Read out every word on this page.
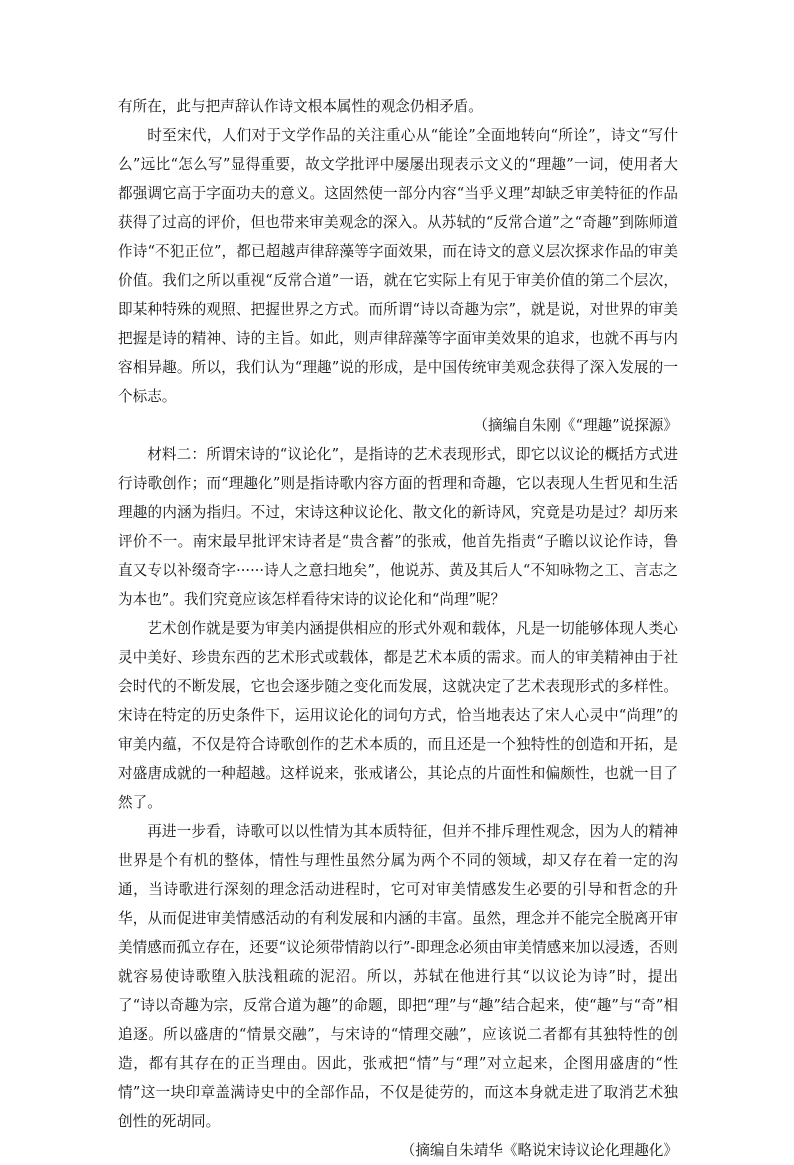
有所在，此与把声辞认作诗文根本属性的观念仍相矛盾。

时至宋代，人们对于文学作品的关注重心从“能诠”全面地转向“所诠”，诗文“写什么”远比“怎么写”显得重要，故文学批评中屡屡出现表示文义的“理趣”一词，使用者大都强调它高于字面功夫的意义。这固然使一部分内容“当乎义理”却缺乏审美特征的作品获得了过高的评价，但也带来审美观念的深入。从苏轼的“反常合道”之“奇趣”到陈师道作诗“不犯正位”，都已超越声律辞藻等字面效果，而在诗文的意义层次探求作品的审美价值。我们之所以重视“反常合道”一语，就在它实际上有见于审美价值的第二个层次，即某种特殊的观照、把握世界之方式。而所谓“诗以奇趣为宗”，就是说，对世界的审美把握是诗的精神、诗的主旨。如此，则声律辞藻等字面审美效果的追求，也就不再与内容相异趣。所以，我们认为“理趣”说的形成，是中国传统审美观念获得了深入发展的一个标志。

（摘编自朱刚《“理趣”说探源》

材料二：所谓宋诗的“议论化”，是指诗的艺术表现形式，即它以议论的概括方式进行诗歌创作；而“理趣化”则是指诗歌内容方面的哲理和奇趣，它以表现人生哲见和生活理趣的内涵为指归。不过，宋诗这种议论化、散文化的新诗风，究竟是功是过？却历来评价不一。南宋最早批评宋诗者是“贵含蓄”的张戒，他首先指责“子瞻以议论作诗，鲁直又专以补缀奇字······诗人之意扫地矣”，他说苏、黄及其后人“不知咏物之工、言志之为本也”。我们究竟应该怎样看待宋诗的议论化和“尚理”呢？

艺术创作就是要为审美内涵提供相应的形式外观和载体，凡是一切能够体现人类心灵中美好、珍贵东西的艺术形式或载体，都是艺术本质的需求。而人的审美精神由于社会时代的不断发展，它也会逐步随之变化而发展，这就决定了艺术表现形式的多样性。宋诗在特定的历史条件下，运用议论化的词句方式，恰当地表达了宋人心灵中“尚理”的审美内蕴，不仅是符合诗歌创作的艺术本质的，而且还是一个独特性的创造和开拓，是对盛唐成就的一种超越。这样说来，张戒诸公，其论点的片面性和偏颇性，也就一目了然了。

再进一步看，诗歌可以以性情为其本质特征，但并不排斥理性观念，因为人的精神世界是个有机的整体，情性与理性虽然分属为两个不同的领域，却又存在着一定的沟通，当诗歌进行深刻的理念活动进程时，它可对审美情感发生必要的引导和哲念的升华，从而促进审美情感活动的有利发展和内涵的丰富。虽然，理念并不能完全脱离开审美情感而孤立存在，还要“议论须带情韵以行”-即理念必须由审美情感来加以浸透，否则就容易使诗歌堕入肤浅粗疏的泥沼。所以，苏轼在他进行其“以议论为诗”时，提出了“诗以奇趣为宗，反常合道为趣”的命题，即把“理”与“趣”结合起来，使“趣”与“奇”相追逐。所以盛唐的“情景交融”，与宋诗的“情理交融”，应该说二者都有其独特性的创造，都有其存在的正当理由。因此，张戒把“情”与“理”对立起来，企图用盛唐的“性情”这一块印章盖满诗史中的全部作品，不仅是徒劳的，而这本身就走进了取消艺术独创性的死胡同。

（摘编自朱靖华《略说宋诗议论化理趣化》
